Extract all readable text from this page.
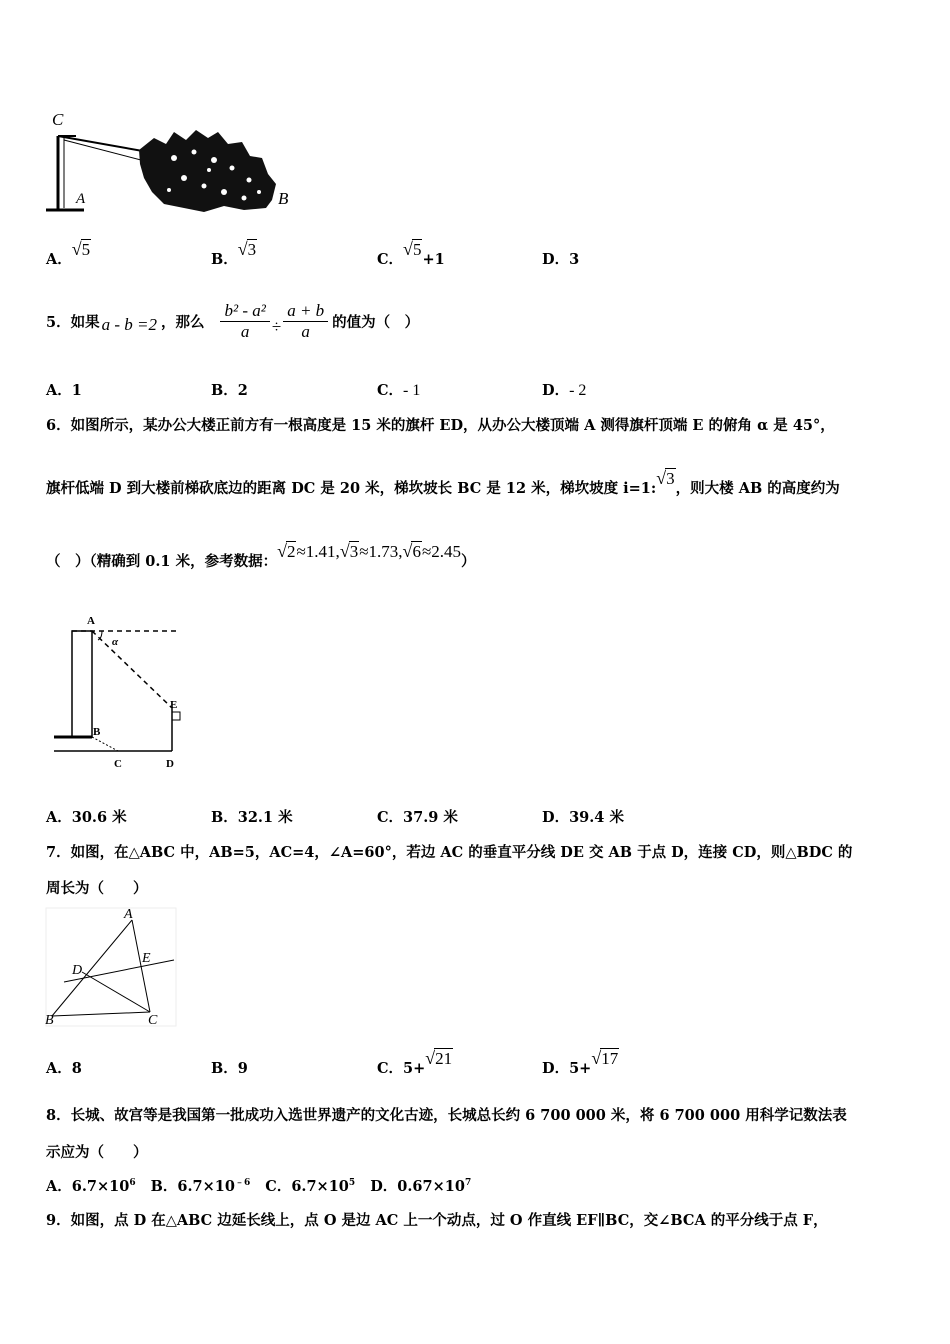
C
A	B
A．√5
B．√3
C．√5+1	D．3
5．如果 a - b =2 ，那么 $\frac{\text{b² - a²}}{a} \div \frac{a + b}{a}$ 的值为（　）
A．1	B．2	C．- 1	D．- 2
6．如图所示，某办公大楼正前方有一根高度是 15 米的旗杆 ED，从办公大楼顶端 A 测得旗杆顶端 E 的俯角 α 是 45°，
旗杆低端 D 到大楼前梯砍底边的距离 DC 是 20 米，梯坎坡长 BC 是 12 米，梯坎坡度 i=1:√3，则大楼 AB 的高度约为
（　）（精确到 0.1 米，参考数据：√2≈1.41,√3≈1.73,√6≈2.45）
A
α
E
B
C	D
A．30.6 米	B．32.1 米	C．37.9 米	D．39.4 米
7．如图，在△ABC 中，AB=5，AC=4，∠A=60°，若边 AC 的垂直平分线 DE 交 AB 于点 D，连接 CD，则△BDC 的
周长为（　　）
A
D
E
B	C
A．8	B．9	C．5+√21
D．5+√17
8．长城、故宫等是我国第一批成功入选世界遗产的文化古迹，长城总长约 6 700 000 米，将 6 700 000 用科学记数法表
示应为（　　）
A．$6.7\times 10^6$ B．$6.7\times 10^{﹣6}$ C．$6.7\times 10^5$ D．$0.67\times 10^7$
9．如图，点 D 在△ABC 边延长线上，点 O 是边 AC 上一个动点，过 O 作直线 EF∥BC，交∠BCA 的平分线于点 F，
